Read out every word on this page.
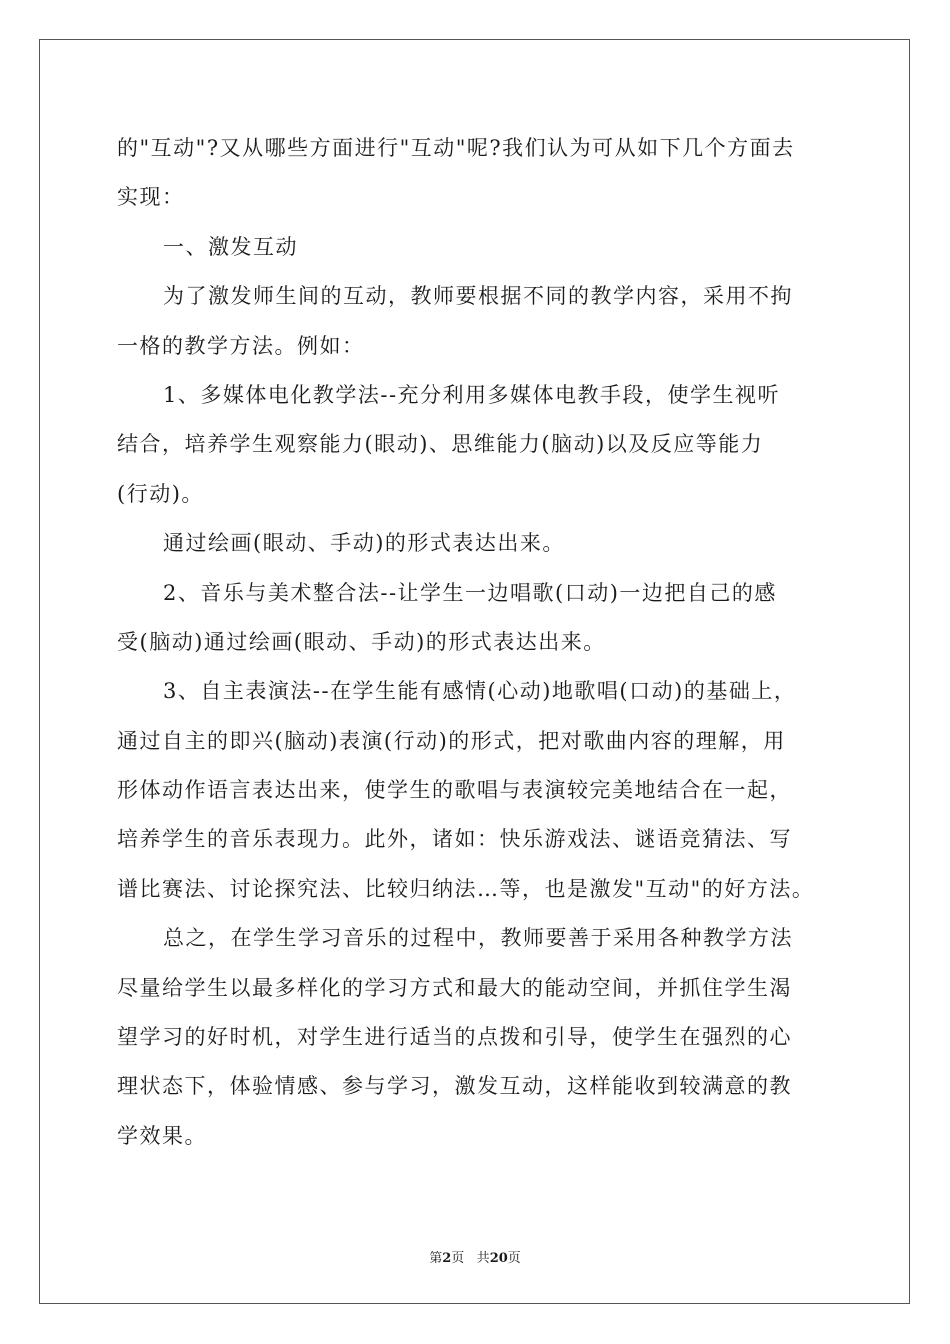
的"互动"?又从哪些方面进行"互动"呢?我们认为可从如下几个方面去
实现：
一、激发互动
为了激发师生间的互动，教师要根据不同的教学内容，采用不拘
一格的教学方法。例如：
1、多媒体电化教学法--充分利用多媒体电教手段，使学生视听
结合，培养学生观察能力(眼动)、思维能力(脑动)以及反应等能力
(行动)。
通过绘画(眼动、手动)的形式表达出来。
2、音乐与美术整合法--让学生一边唱歌(口动)一边把自己的感
受(脑动)通过绘画(眼动、手动)的形式表达出来。
3、自主表演法--在学生能有感情(心动)地歌唱(口动)的基础上，
通过自主的即兴(脑动)表演(行动)的形式，把对歌曲内容的理解，用
形体动作语言表达出来，使学生的歌唱与表演较完美地结合在一起，
培养学生的音乐表现力。此外，诸如：快乐游戏法、谜语竞猜法、写
谱比赛法、讨论探究法、比较归纳法…等，也是激发"互动"的好方法。
总之，在学生学习音乐的过程中，教师要善于采用各种教学方法
尽量给学生以最多样化的学习方式和最大的能动空间，并抓住学生渴
望学习的好时机，对学生进行适当的点拨和引导，使学生在强烈的心
理状态下，体验情感、参与学习，激发互动，这样能收到较满意的教
学效果。
第2页 共20页
